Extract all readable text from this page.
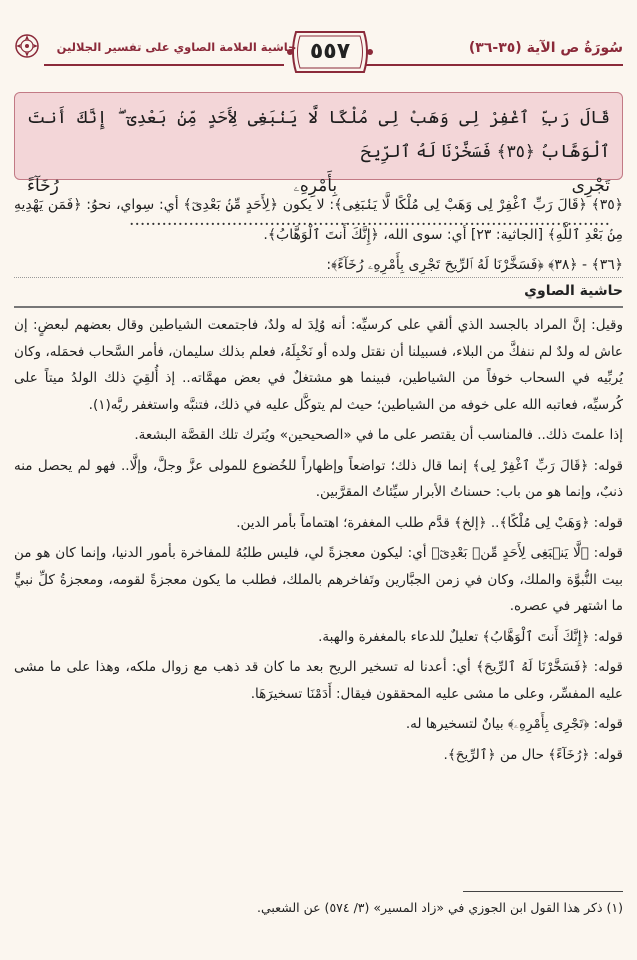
سُورَةُ ص الآية (٣٥-٣٦)
٥٥٧
حاشية العلامة الصاوي على تفسير الجلالين
قَالَ رَبِّ ٱغْفِرْ لِى وَهَبْ لِى مُلْكًا لَّا يَنۢبَغِى لِأَحَدٍ مِّنۢ بَعْدِىٓ ۖ إِنَّكَ أَنتَ ٱلْوَهَّابُ ﴿٣٥﴾ فَسَخَّرْنَا لَهُ ٱلرِّيحَ
تَجْرِى بِأَمْرِهِۦ رُخَآءً .........................................................................................

﴿٣٥﴾ ﴿قَالَ رَبِّ ٱغْفِرْ لِى وَهَبْ لِى مُلْكًا لَّا يَنۢبَغِى﴾: لا يكون ﴿لِأَحَدٍ مِّنۢ بَعْدِىٓ﴾ أي: سِواي، نحوُ: ﴿فَمَن يَهْدِيهِ مِنۢ بَعْدِ ٱللَّهِ﴾ [الجاثية: ٢٣] أي: سوى الله، ﴿إِنَّكَ أَنتَ ٱلْوَهَّابُ﴾.

﴿٣٦﴾ - ﴿٣٨﴾ ﴿فَسَخَّرْنَا لَهُ ٱلرِّيحَ تَجْرِى بِأَمْرِهِۦ رُخَآءً﴾:

حاشية الصاوي

وقيل: إنَّ المراد بالجسد الذي ألقي على كرسيِّه: أنه وُلِدَ له ولدٌ، فاجتمعت الشياطين وقال بعضهم لبعضٍ: إن عاش له ولدٌ لم ننفكَّ من البلاء، فسبيلنا أن نقتل ولده أو نَخْبِلَهُ، فعلم بذلك سليمان، فأمر السَّحاب فحمَله، وكان يُربِّيه في السحاب خوفاً من الشياطين، فبينما هو مشتغلٌ في بعض مهمَّاته.. إذ أُلقِيَ ذلك الولدُ ميتاً على كُرسيِّه، فعاتبه الله على خوفه من الشياطين؛ حيث لم يتوكَّل عليه في ذلك، فتنبَّه واستغفر ربَّه(١).

إذا علمتَ ذلك.. فالمناسب أن يقتصر على ما في «الصحيحين» ويُترك تلك القصَّة البشعة.

قوله: ﴿قَالَ رَبِّ ٱغْفِرْ لِى﴾ إنما قال ذلك؛ تواضعاً وإظهاراً للخُضوع للمولى عزَّ وجلَّ، وإلَّا.. فهو لم يحصل منه ذنبٌ، وإنما هو من باب: حسناتُ الأبرار سيِّئاتُ المقرَّبين.

قوله: ﴿وَهَبْ لِى مُلْكًا﴾.. ﴿إلخ﴾ قدَّم طلب المغفرة؛ اهتماماً بأمر الدين.

قوله: ﴿لَّا يَنۢبَغِى لِأَحَدٍ مِّنۢ بَعْدِىٓ﴾ أي: ليكون معجزةً لي، فليس طلبُهُ للمفاخرة بأمور الدنيا، وإنما كان هو من بيت النُّبوَّة والملك، وكان في زمن الجبَّارين وتَفاخرهم بالملك، فطلب ما يكون معجزةً لقومه، ومعجزةُ كلِّ نبيٍّ ما اشتهر في عصره.

قوله: ﴿إِنَّكَ أَنتَ ٱلْوَهَّابُ﴾ تعليلٌ للدعاء بالمغفرة والهبة.

قوله: ﴿فَسَخَّرْنَا لَهُ ٱلرِّيحَ﴾ أي: أعدنا له تسخير الريح بعد ما كان قد ذهب مع زوال ملكه، وهذا على ما مشى عليه المفسِّر، وعلى ما مشى عليه المحققون فيقال: أَدَمْنَا تسخيرَهَا.

قوله: ﴿تَجْرِى بِأَمْرِهِۦ﴾ بيانٌ لتسخيرها له.

قوله: ﴿رُخَآءً﴾ حال من ﴿ٱلرِّيحَ﴾.

(١) ذكر هذا القول ابن الجوزي في «زاد المسير» (٣/ ٥٧٤) عن الشعبي.
